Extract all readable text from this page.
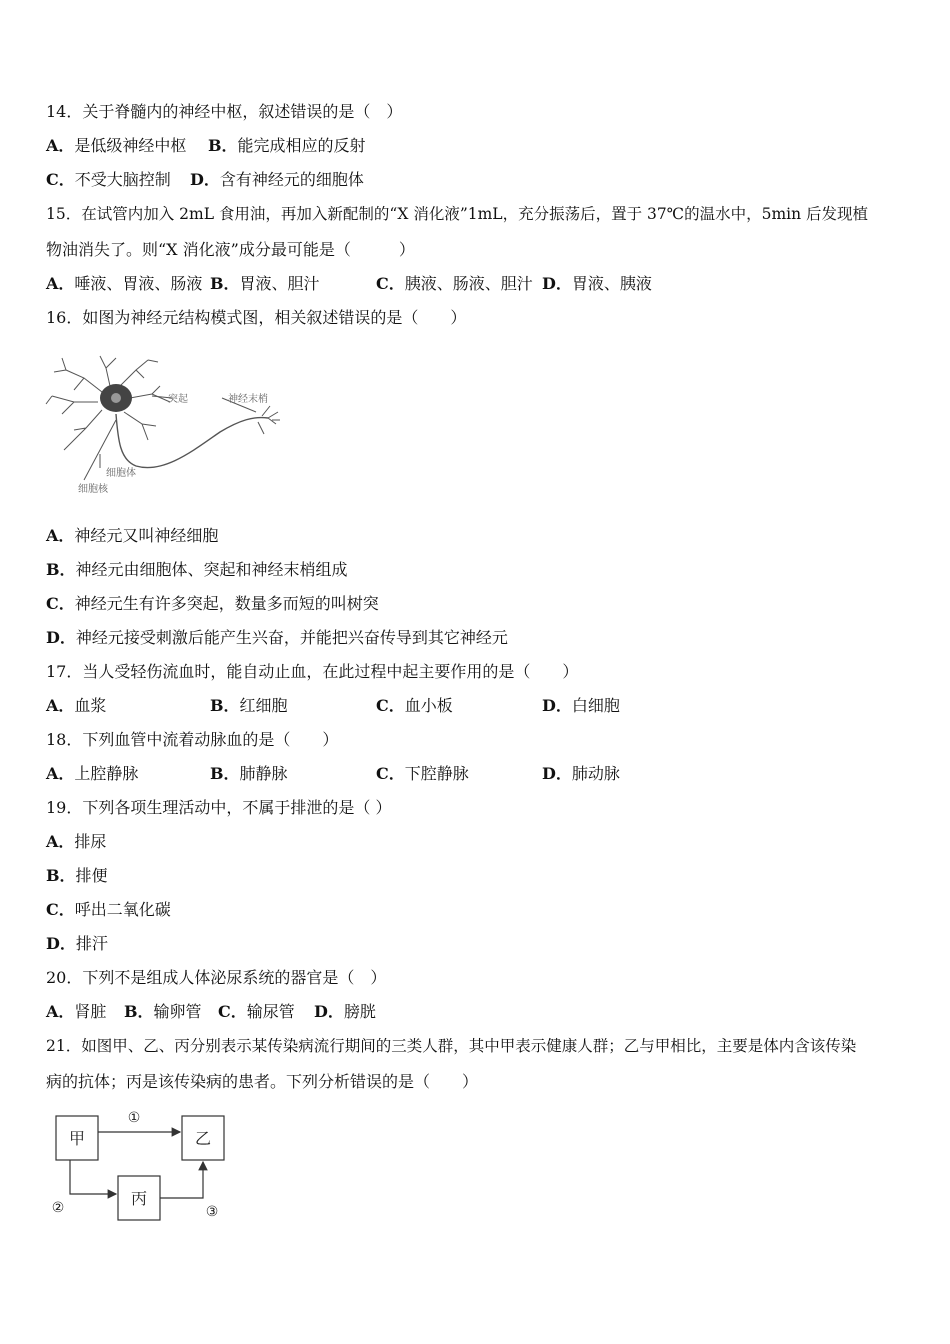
14．关于脊髓内的神经中枢，叙述错误的是（　）
A．是低级神经中枢 B．能完成相应的反射
C．不受大脑控制 D．含有神经元的细胞体
15．在试管内加入 2mL 食用油，再加入新配制的“X 消化液”1mL，充分振荡后，置于 37℃的温水中，5min 后发现植
物油消失了。则“X 消化液”成分最可能是（　　　）
A．唾液、胃液、肠液 B．胃液、胆汁	C．胰液、肠液、胆汁 D．胃液、胰液
16．如图为神经元结构模式图，相关叙述错误的是（　　）
突起	神经末梢
细胞体
细胞核
A．神经元又叫神经细胞
B．神经元由细胞体、突起和神经末梢组成
C．神经元生有许多突起，数量多而短的叫树突
D．神经元接受刺激后能产生兴奋，并能把兴奋传导到其它神经元
17．当人受轻伤流血时，能自动止血，在此过程中起主要作用的是（　　）
A．血浆	B．红细胞	C．血小板	D．白细胞
18．下列血管中流着动脉血的是（　　）
A．上腔静脉	B．肺静脉	C．下腔静脉	D．肺动脉
19．下列各项生理活动中，不属于排泄的是（ ）
A．排尿
B．排便
C．呼出二氧化碳
D．排汗
20．下列不是组成人体泌尿系统的器官是（　）
A．肾脏 B．输卵管 C．输尿管 D．膀胱
21．如图甲、乙、丙分别表示某传染病流行期间的三类人群，其中甲表示健康人群；乙与甲相比，主要是体内含该传染
病的抗体；丙是该传染病的患者。下列分析错误的是（　　）
甲	乙
丙
①
②	③
